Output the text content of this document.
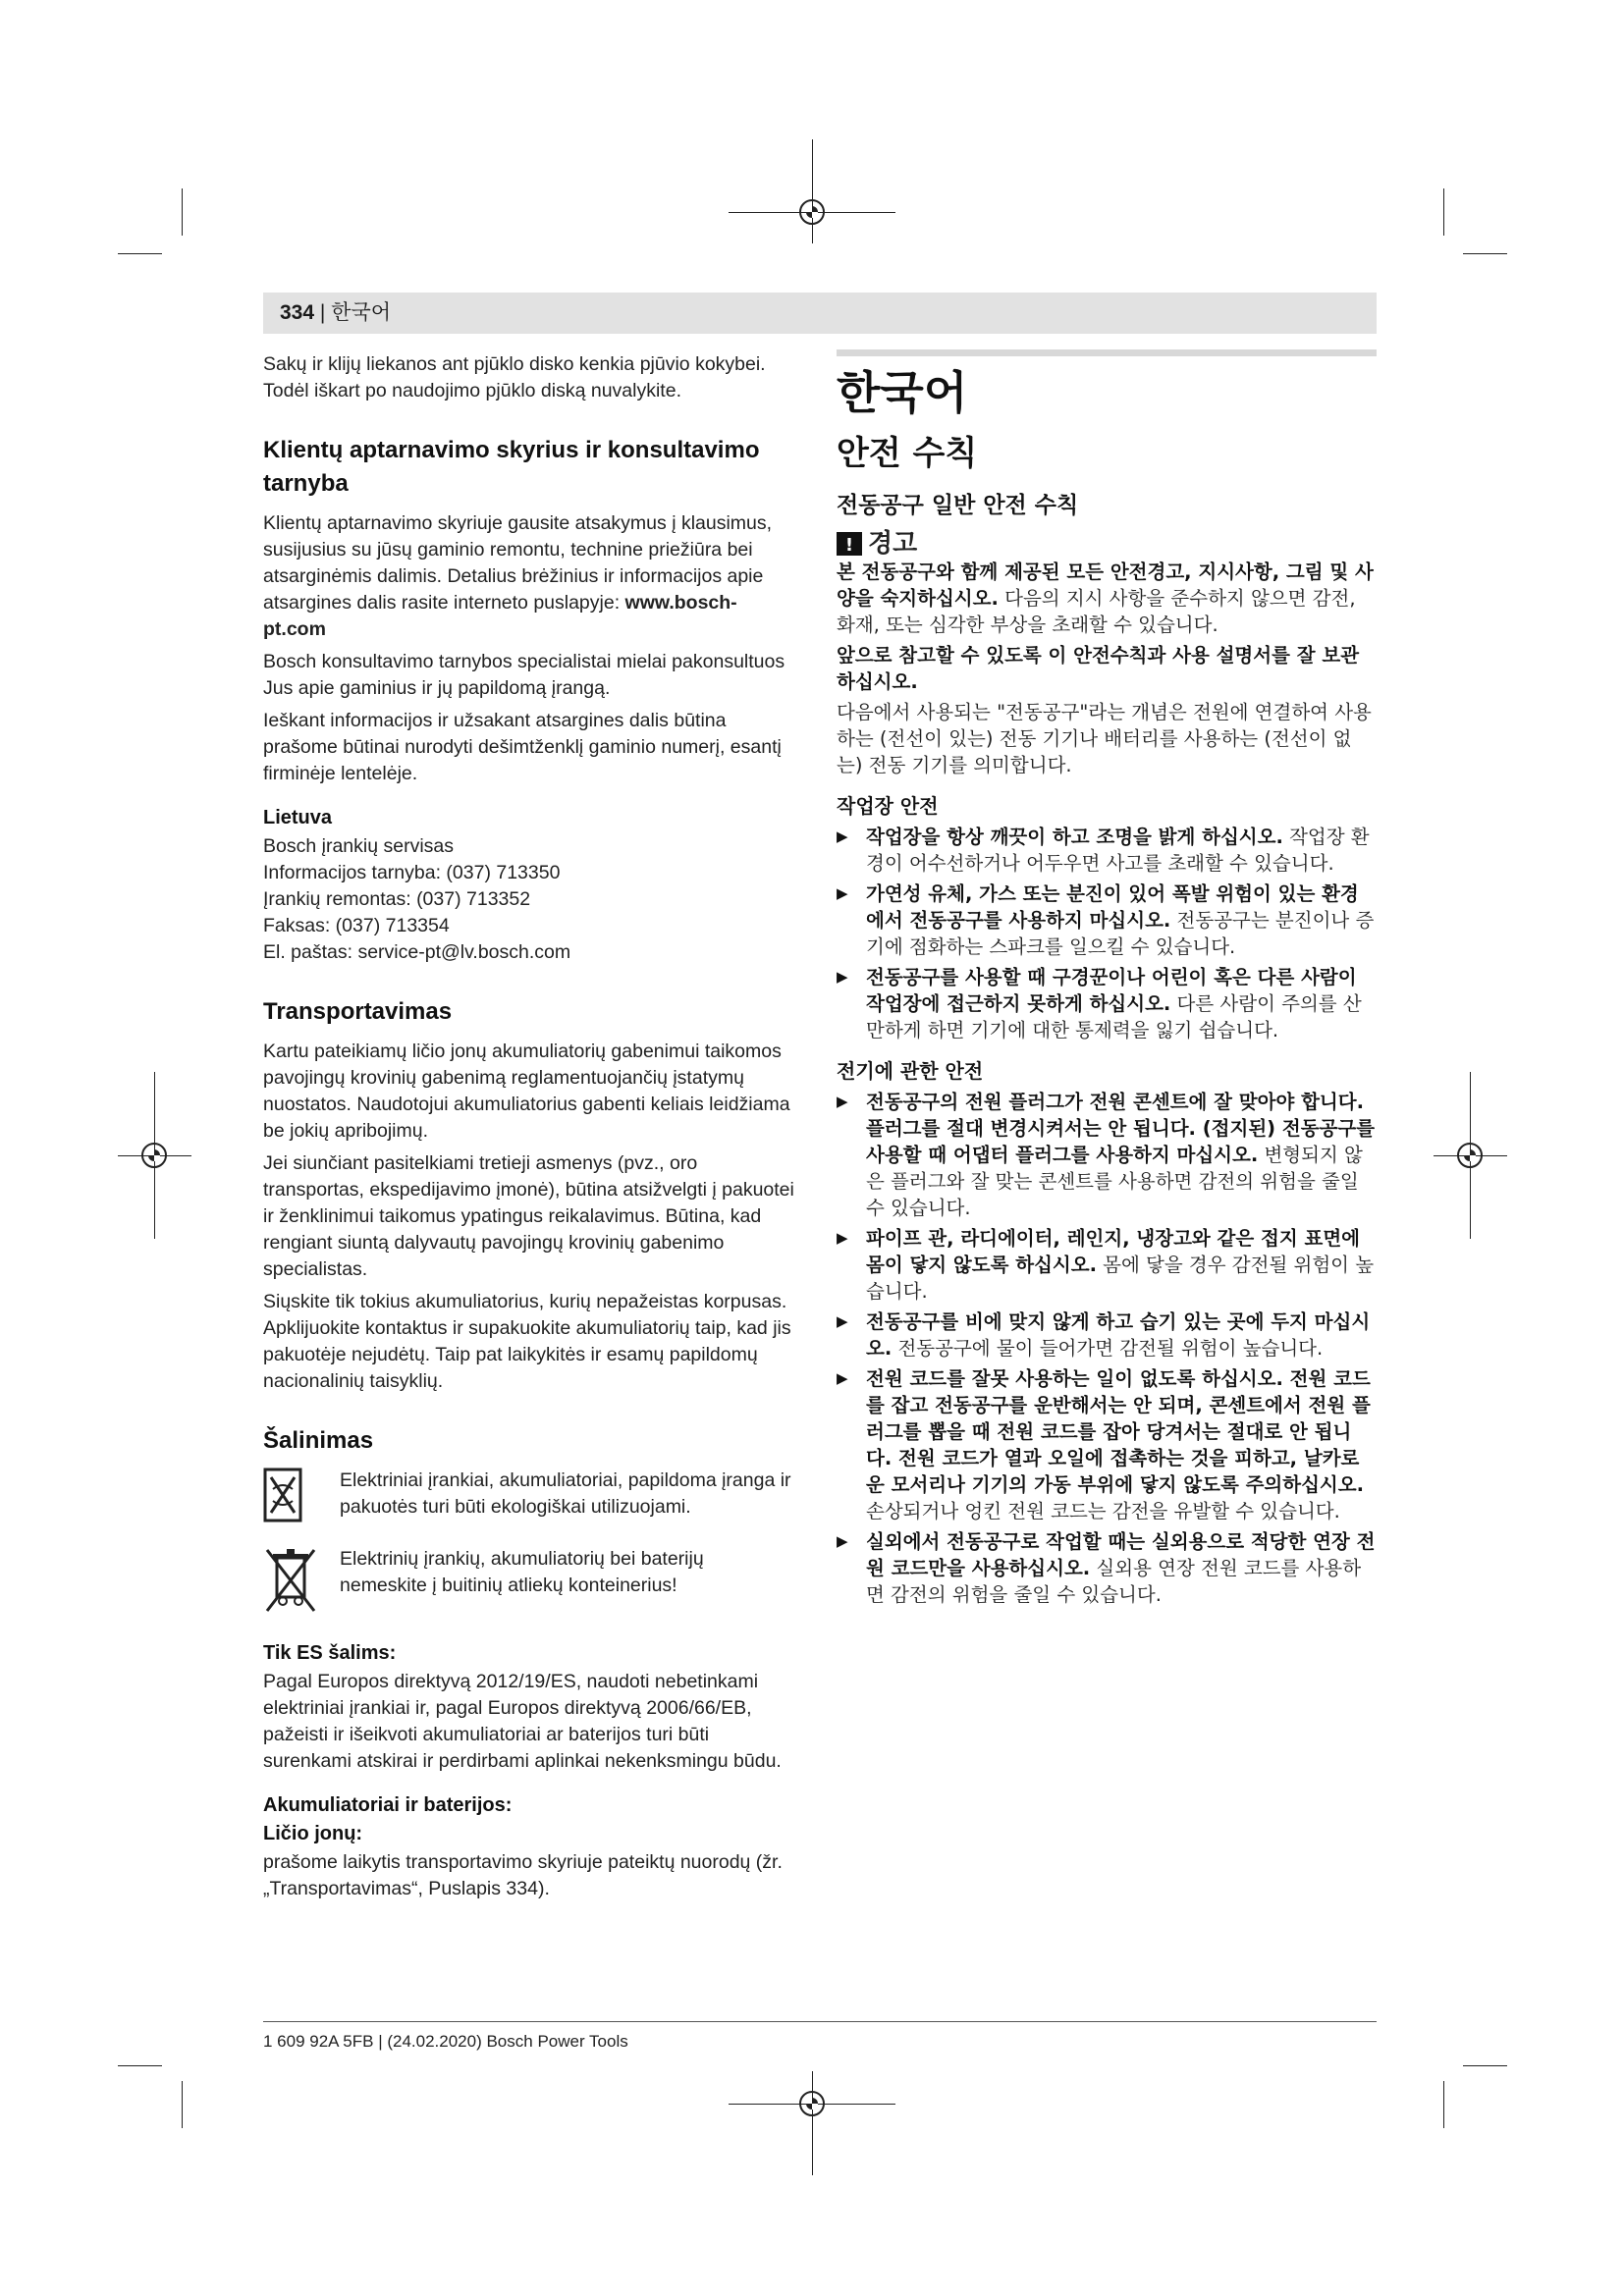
334 | 한국어

Sakų ir klijų liekanos ant pjūklo disko kenkia pjūvio kokybei. Todėl iškart po naudojimo pjūklo diską nuvalykite.

Klientų aptarnavimo skyrius ir konsultavimo tarnyba

Klientų aptarnavimo skyriuje gausite atsakymus į klausimus, susijusius su jūsų gaminio remontu, technine priežiūra bei atsarginėmis dalimis. Detalius brėžinius ir informacijos apie atsargines dalis rasite interneto puslapyje: www.bosch-pt.com

Bosch konsultavimo tarnybos specialistai mielai pakonsultuos Jus apie gaminius ir jų papildomą įrangą.

Ieškant informacijos ir užsakant atsargines dalis būtina prašome būtinai nurodyti dešimtženklį gaminio numerį, esantį firminėje lentelėje.

Lietuva
Bosch įrankių servisas
Informacijos tarnyba: (037) 713350
Įrankių remontas: (037) 713352
Faksas: (037) 713354
El. paštas: service-pt@lv.bosch.com
Transportavimas

Kartu pateikiamų ličio jonų akumuliatorių gabenimui taikomos pavojingų krovinių gabenimą reglamentuojančių įstatymų nuostatos. Naudotojui akumuliatorius gabenti keliais leidžiama be jokių apribojimų.

Jei siunčiant pasitelkiami tretieji asmenys (pvz., oro transportas, ekspedijavimo įmonė), būtina atsižvelgti į pakuotei ir ženklinimui taikomus ypatingus reikalavimus. Būtina, kad rengiant siuntą dalyvautų pavojingų krovinių gabenimo specialistas.

Siųskite tik tokius akumuliatorius, kurių nepažeistas korpusas. Apklijuokite kontaktus ir supakuokite akumuliatorių taip, kad jis pakuotėje nejudėtų. Taip pat laikykitės ir esamų papildomų nacionalinių taisyklių.

Šalinimas
Elektriniai įrankiai, akumuliatoriai, papildoma įranga ir pakuotės turi būti ekologiškai utilizuojami.
Elektrinių įrankių, akumuliatorių bei baterijų nemeskite į buitinių atliekų konteinerius!
Tik ES šalims:

Pagal Europos direktyvą 2012/19/ES, naudoti nebetinkami elektriniai įrankiai ir, pagal Europos direktyvą 2006/66/EB, pažeisti ir išeikvoti akumuliatoriai ar baterijos turi būti surenkami atskirai ir perdirbami aplinkai nekenksmingu būdu.

Akumuliatoriai ir baterijos:
Ličio jonų:

prašome laikytis transportavimo skyriuje pateiktų nuorodų (žr. „Transportavimas“, Puslapis 334).

한국어
안전 수칙
전동공구 일반 안전 수칙
!
경고

본 전동공구와 함께 제공된 모든 안전경고, 지시사항, 그림 및 사양을 숙지하십시오. 다음의 지시 사항을 준수하지 않으면 감전, 화재, 또는 심각한 부상을 초래할 수 있습니다.

앞으로 참고할 수 있도록 이 안전수칙과 사용 설명서를 잘 보관하십시오.

다음에서 사용되는 "전동공구"라는 개념은 전원에 연결하여 사용하는 (전선이 있는) 전동 기기나 배터리를 사용하는 (전선이 없는) 전동 기기를 의미합니다.

작업장 안전
▶ 작업장을 항상 깨끗이 하고 조명을 밝게 하십시오. 작업장 환경이 어수선하거나 어두우면 사고를 초래할 수 있습니다.
▶ 가연성 유체, 가스 또는 분진이 있어 폭발 위험이 있는 환경에서 전동공구를 사용하지 마십시오. 전동공구는 분진이나 증기에 점화하는 스파크를 일으킬 수 있습니다.
▶ 전동공구를 사용할 때 구경꾼이나 어린이 혹은 다른 사람이 작업장에 접근하지 못하게 하십시오. 다른 사람이 주의를 산만하게 하면 기기에 대한 통제력을 잃기 쉽습니다.
전기에 관한 안전
▶ 전동공구의 전원 플러그가 전원 콘센트에 잘 맞아야 합니다. 플러그를 절대 변경시켜서는 안 됩니다. (접지된) 전동공구를 사용할 때 어댑터 플러그를 사용하지 마십시오. 변형되지 않은 플러그와 잘 맞는 콘센트를 사용하면 감전의 위험을 줄일 수 있습니다.
▶ 파이프 관, 라디에이터, 레인지, 냉장고와 같은 접지 표면에 몸이 닿지 않도록 하십시오. 몸에 닿을 경우 감전될 위험이 높습니다.
▶ 전동공구를 비에 맞지 않게 하고 습기 있는 곳에 두지 마십시오. 전동공구에 물이 들어가면 감전될 위험이 높습니다.
▶ 전원 코드를 잘못 사용하는 일이 없도록 하십시오. 전원 코드를 잡고 전동공구를 운반해서는 안 되며, 콘센트에서 전원 플러그를 뽑을 때 전원 코드를 잡아 당겨서는 절대로 안 됩니다. 전원 코드가 열과 오일에 접촉하는 것을 피하고, 날카로운 모서리나 기기의 가동 부위에 닿지 않도록 주의하십시오. 손상되거나 엉킨 전원 코드는 감전을 유발할 수 있습니다.
▶ 실외에서 전동공구로 작업할 때는 실외용으로 적당한 연장 전원 코드만을 사용하십시오. 실외용 연장 전원 코드를 사용하면 감전의 위험을 줄일 수 있습니다.
1 609 92A 5FB | (24.02.2020) Bosch Power Tools
